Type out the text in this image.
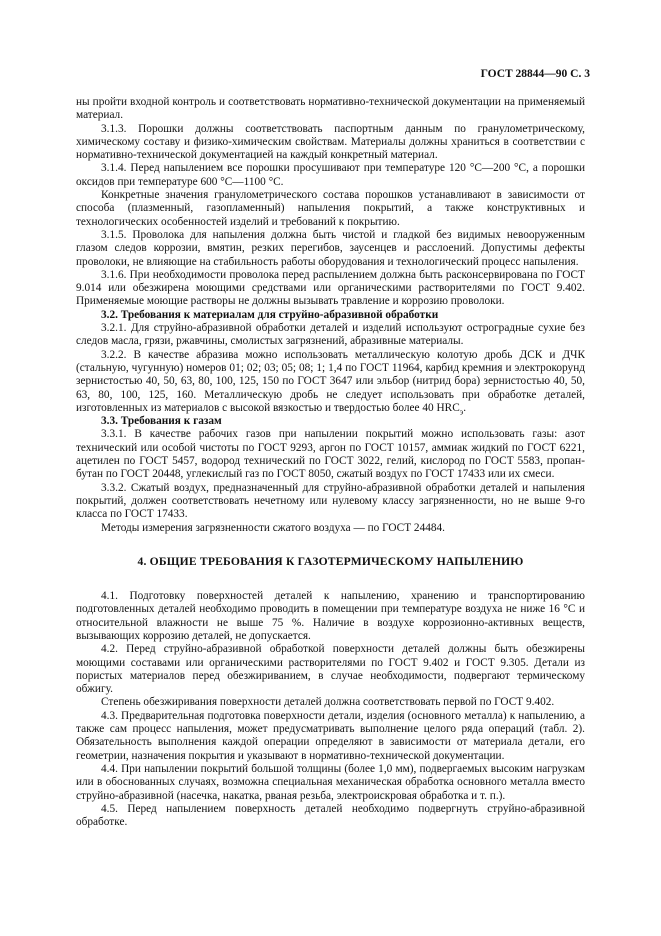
ГОСТ 28844—90 С. 3

ны пройти входной контроль и соответствовать нормативно-технической документации на применяемый материал.

3.1.3. Порошки должны соответствовать паспортным данным по гранулометрическому, химическому составу и физико-химическим свойствам. Материалы должны храниться в соответствии с нормативно-технической документацией на каждый конкретный материал.

3.1.4. Перед напылением все порошки просушивают при температуре 120 °С—200 °С, а порошки оксидов при температуре 600 °С—1100 °С.

Конкретные значения гранулометрического состава порошков устанавливают в зависимости от способа (плазменный, газопламенный) напыления покрытий, а также конструктивных и технологических особенностей изделий и требований к покрытию.

3.1.5. Проволока для напыления должна быть чистой и гладкой без видимых невооруженным глазом следов коррозии, вмятин, резких перегибов, заусенцев и расслоений. Допустимы дефекты проволоки, не влияющие на стабильность работы оборудования и технологический процесс напыления.

3.1.6. При необходимости проволока перед распылением должна быть расконсервирована по ГОСТ 9.014 или обезжирена моющими средствами или органическими растворителями по ГОСТ 9.402. Применяемые моющие растворы не должны вызывать травление и коррозию проволоки.

3.2. Требования к материалам для струйно-абразивной обработки

3.2.1. Для струйно-абразивной обработки деталей и изделий используют остроградные сухие без следов масла, грязи, ржавчины, смолистых загрязнений, абразивные материалы.

3.2.2. В качестве абразива можно использовать металлическую колотую дробь ДСК и ДЧК (стальную, чугунную) номеров 01; 02; 03; 05; 08; 1; 1,4 по ГОСТ 11964, карбид кремния и электрокорунд зернистостью 40, 50, 63, 80, 100, 125, 150 по ГОСТ 3647 или эльбор (нитрид бора) зернистостью 40, 50, 63, 80, 100, 125, 160. Металлическую дробь не следует использовать при обработке деталей, изготовленных из материалов с высокой вязкостью и твердостью более 40 $HRC_э$.

3.3. Требования к газам

3.3.1. В качестве рабочих газов при напылении покрытий можно использовать газы: азот технический или особой чистоты по ГОСТ 9293, аргон по ГОСТ 10157, аммиак жидкий по ГОСТ 6221, ацетилен по ГОСТ 5457, водород технический по ГОСТ 3022, гелий, кислород по ГОСТ 5583, пропан-бутан по ГОСТ 20448, углекислый газ по ГОСТ 8050, сжатый воздух по ГОСТ 17433 или их смеси.

3.3.2. Сжатый воздух, предназначенный для струйно-абразивной обработки деталей и напыления покрытий, должен соответствовать нечетному или нулевому классу загрязненности, но не выше 9-го класса по ГОСТ 17433.

Методы измерения загрязненности сжатого воздуха — по ГОСТ 24484.

4. ОБЩИЕ ТРЕБОВАНИЯ К ГАЗОТЕРМИЧЕСКОМУ НАПЫЛЕНИЮ

4.1. Подготовку поверхностей деталей к напылению, хранению и транспортированию подготовленных деталей необходимо проводить в помещении при температуре воздуха не ниже 16 °С и относительной влажности не выше 75 %. Наличие в воздухе коррозионно-активных веществ, вызывающих коррозию деталей, не допускается.

4.2. Перед струйно-абразивной обработкой поверхности деталей должны быть обезжирены моющими составами или органическими растворителями по ГОСТ 9.402 и ГОСТ 9.305. Детали из пористых материалов перед обезжириванием, в случае необходимости, подвергают термическому обжигу.

Степень обезжиривания поверхности деталей должна соответствовать первой по ГОСТ 9.402.

4.3. Предварительная подготовка поверхности детали, изделия (основного металла) к напылению, а также сам процесс напыления, может предусматривать выполнение целого ряда операций (табл. 2). Обязательность выполнения каждой операции определяют в зависимости от материала детали, его геометрии, назначения покрытия и указывают в нормативно-технической документации.

4.4. При напылении покрытий большой толщины (более 1,0 мм), подвергаемых высоким нагрузкам или в обоснованных случаях, возможна специальная механическая обработка основного металла вместо струйно-абразивной (насечка, накатка, рваная резьба, электроискровая обработка и т. п.).

4.5. Перед напылением поверхность деталей необходимо подвергнуть струйно-абразивной обработке.
